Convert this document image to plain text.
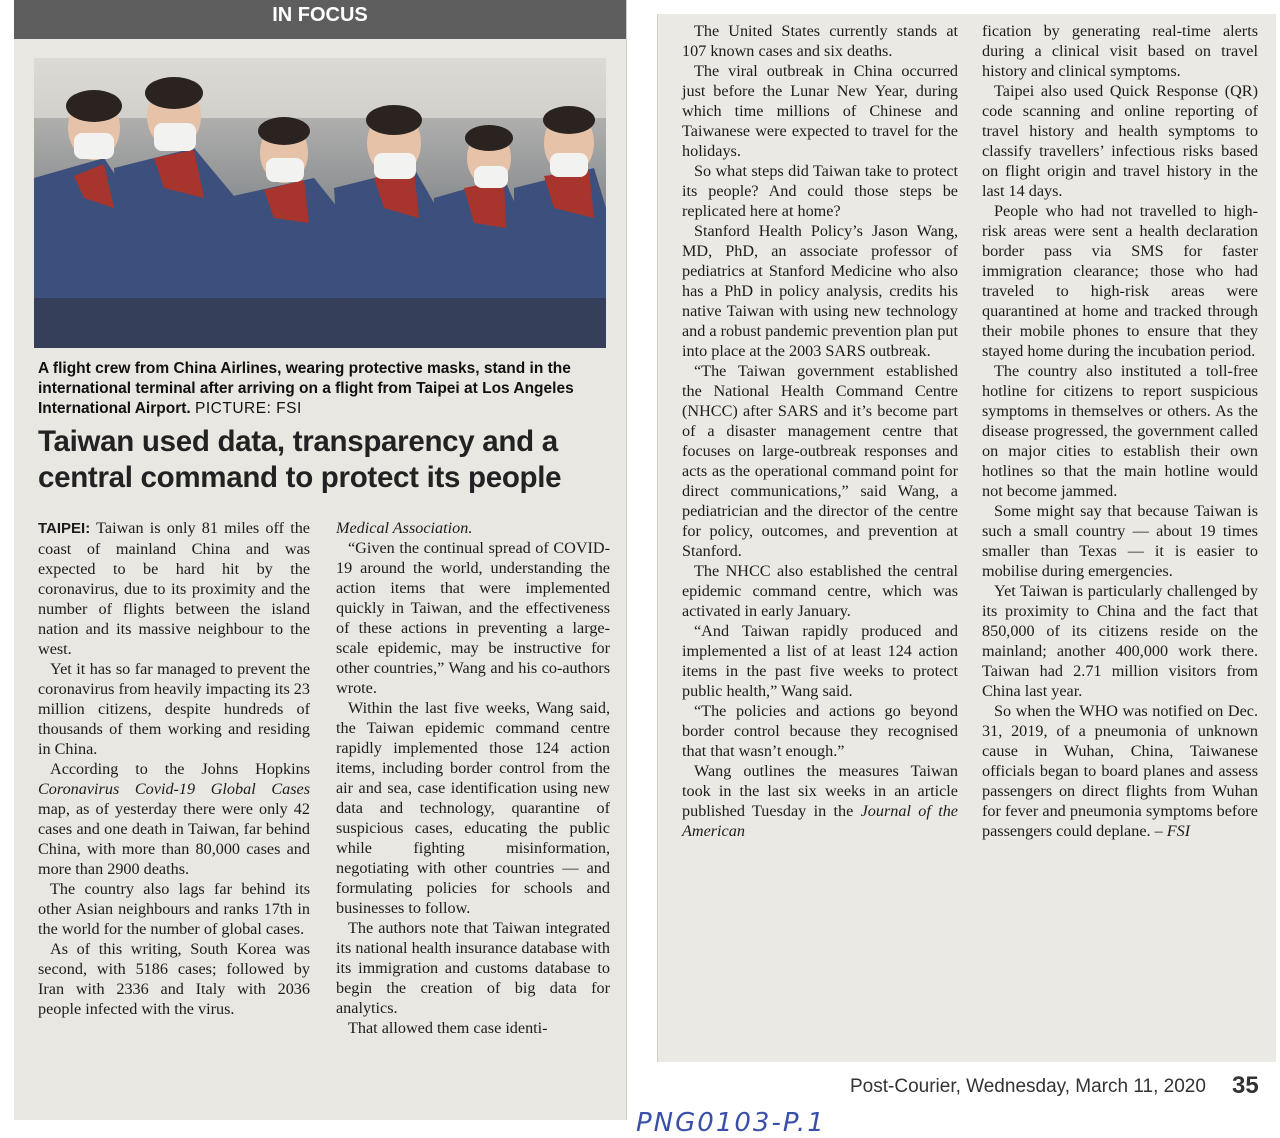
IN FOCUS
A flight crew from China Airlines, wearing protective masks, stand in the international terminal after arriving on a flight from Taipei at Los Angeles International Airport. PICTURE: FSI
Taiwan used data, transparency and a central command to protect its people

TAIPEI: Taiwan is only 81 miles off the coast of mainland China and was expected to be hard hit by the coronavirus, due to its proximity and the number of flights between the island nation and its massive neighbour to the west.

Yet it has so far managed to prevent the coronavirus from heavily impacting its 23 million citizens, despite hundreds of thousands of them working and residing in China.

According to the Johns Hopkins Coronavirus Covid-19 Global Cases map, as of yesterday there were only 42 cases and one death in Taiwan, far behind China, with more than 80,000 cases and more than 2900 deaths.

The country also lags far behind its other Asian neighbours and ranks 17th in the world for the number of global cases.

As of this writing, South Korea was second, with 5186 cases; followed by Iran with 2336 and Italy with 2036 people infected with the virus.

Medical Association.

“Given the continual spread of COVID-19 around the world, understanding the action items that were implemented quickly in Taiwan, and the effectiveness of these actions in preventing a large-scale epidemic, may be instructive for other countries,” Wang and his co-authors wrote.

Within the last five weeks, Wang said, the Taiwan epidemic command centre rapidly implemented those 124 action items, including border control from the air and sea, case identification using new data and technology, quarantine of suspicious cases, educating the public while fighting misinformation, negotiating with other countries — and formulating policies for schools and businesses to follow.

The authors note that Taiwan integrated its national health insurance database with its immigration and customs database to begin the creation of big data for analytics.

That allowed them case identi-

The United States currently stands at 107 known cases and six deaths.

The viral outbreak in China occurred just before the Lunar New Year, during which time millions of Chinese and Taiwanese were expected to travel for the holidays.

So what steps did Taiwan take to protect its people? And could those steps be replicated here at home?

Stanford Health Policy’s Jason Wang, MD, PhD, an associate professor of pediatrics at Stanford Medicine who also has a PhD in policy analysis, credits his native Taiwan with using new technology and a robust pandemic prevention plan put into place at the 2003 SARS outbreak.

“The Taiwan government established the National Health Command Centre (NHCC) after SARS and it’s become part of a disaster management centre that focuses on large-outbreak responses and acts as the operational command point for direct communications,” said Wang, a pediatrician and the director of the centre for policy, outcomes, and prevention at Stanford.

The NHCC also established the central epidemic command centre, which was activated in early January.

“And Taiwan rapidly produced and implemented a list of at least 124 action items in the past five weeks to protect public health,” Wang said.

“The policies and actions go beyond border control because they recognised that that wasn’t enough.”

Wang outlines the measures Taiwan took in the last six weeks in an article published Tuesday in the Journal of the American

fication by generating real-time alerts during a clinical visit based on travel history and clinical symptoms.

Taipei also used Quick Response (QR) code scanning and online reporting of travel history and health symptoms to classify travellers’ infectious risks based on flight origin and travel history in the last 14 days.

People who had not travelled to high-risk areas were sent a health declaration border pass via SMS for faster immigration clearance; those who had traveled to high-risk areas were quarantined at home and tracked through their mobile phones to ensure that they stayed home during the incubation period.

The country also instituted a toll-free hotline for citizens to report suspicious symptoms in themselves or others. As the disease progressed, the government called on major cities to establish their own hotlines so that the main hotline would not become jammed.

Some might say that because Taiwan is such a small country — about 19 times smaller than Texas — it is easier to mobilise during emergencies.

Yet Taiwan is particularly challenged by its proximity to China and the fact that 850,000 of its citizens reside on the mainland; another 400,000 work there. Taiwan had 2.71 million visitors from China last year.

So when the WHO was notified on Dec. 31, 2019, of a pneumonia of unknown cause in Wuhan, China, Taiwanese officials began to board planes and assess passengers on direct flights from Wuhan for fever and pneumonia symptoms before passengers could deplane. – FSI

Post-Courier, Wednesday, March 11, 2020 35
PNG0103-P.1
